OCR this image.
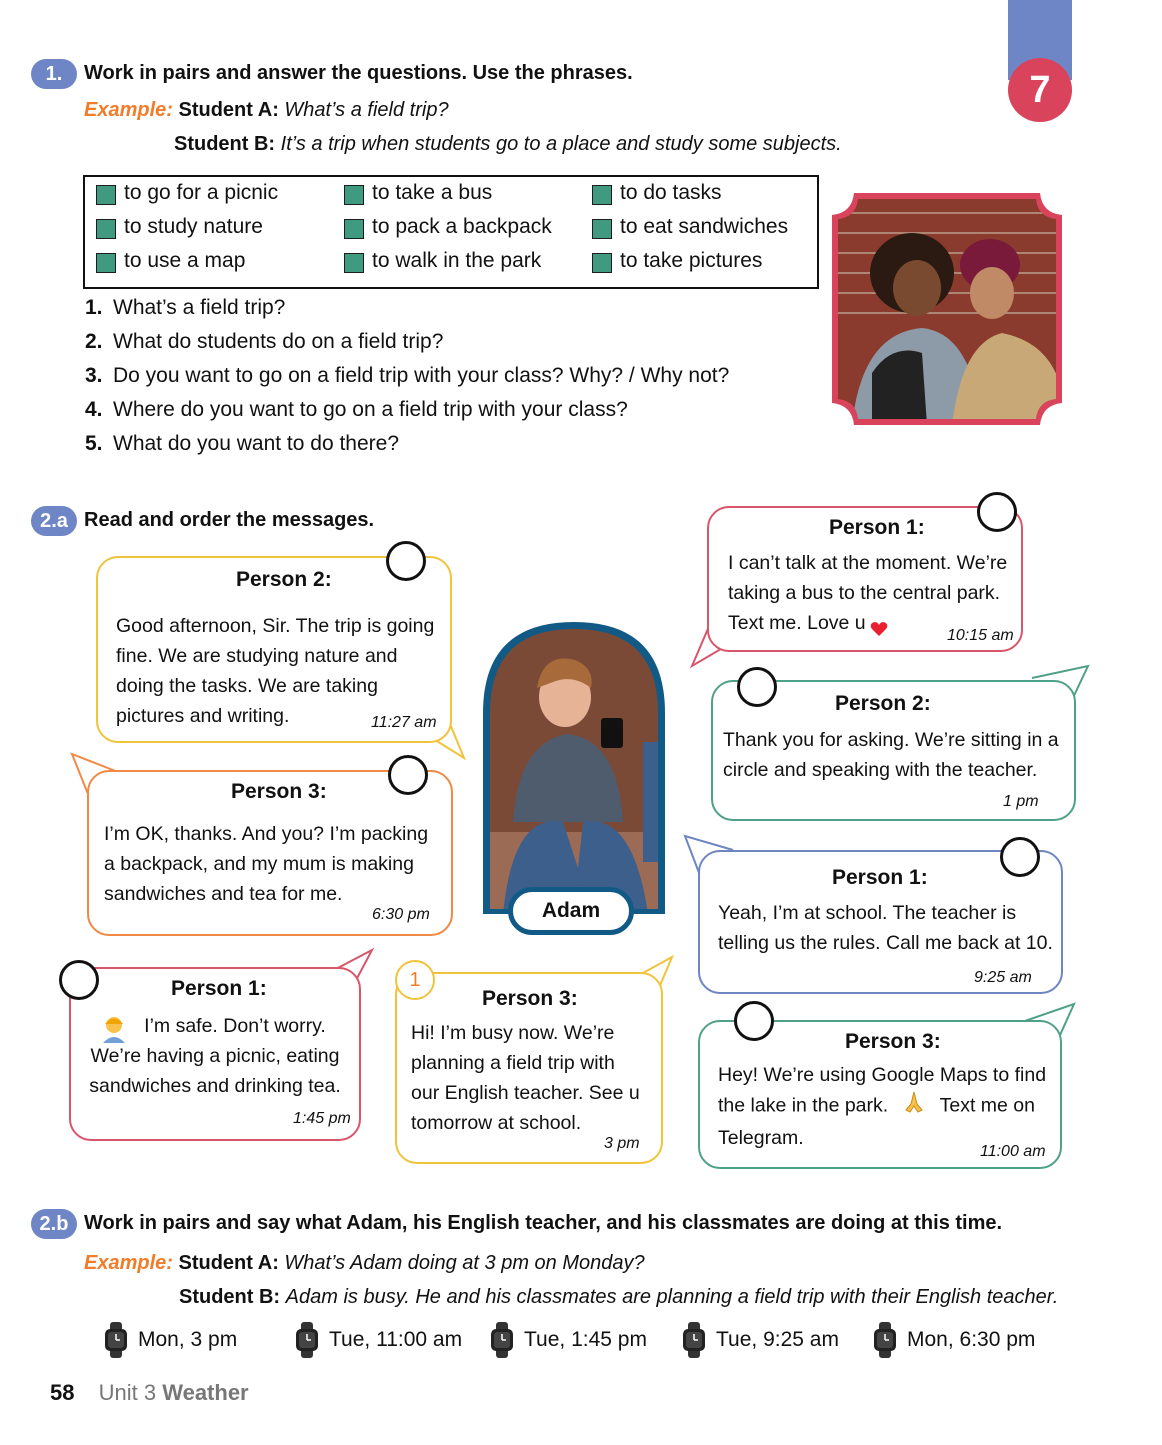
7
1.	Work in pairs and answer the questions. Use the phrases.
Example: Student A: What’s a field trip?
Student B: It’s a trip when students go to a place and study some subjects.
to go for a picnic	to take a bus	to do tasks
to study nature	to pack a backpack	to eat sandwiches
to use a map	to walk in the park	to take pictures
1. What’s a field trip?
2. What do students do on a field trip?
3. Do you want to go on a field trip with your class? Why? / Why not?
4. Where do you want to go on a field trip with your class?
5. What do you want to do there?
2.a Read and order the messages.
Person 2:
Good afternoon, Sir. The trip is going
fine. We are studying nature and
doing the tasks. We are taking
pictures and writing.	11:27 am
Person 3:
I’m OK, thanks. And you? I’m packing
a backpack, and my mum is making
sandwiches and tea for me.
6:30 pm
Person 1:
I’m safe. Don’t worry.
We’re having a picnic, eating
sandwiches and drinking tea.
1:45 pm
Person 3:
Hi! I’m busy now. We’re
planning a field trip with
our English teacher. See u
tomorrow at school.
3 pm
1
Adam
Person 1:
I can’t talk at the moment. We’re
taking a bus to the central park.
Text me. Love u
10:15 am
Person 2:
Thank you for asking. We’re sitting in a
circle and speaking with the teacher.
1 pm
Person 1:
Yeah, I’m at school. The teacher is
telling us the rules. Call me back at 10.
9:25 am
Person 3:
Hey! We’re using Google Maps to find
the lake in the park.	Text me on
Telegram.
11:00 am
2.b Work in pairs and say what Adam, his English teacher, and his classmates are doing at this time.
Example: Student A: What’s Adam doing at 3 pm on Monday?
Student B: Adam is busy. He and his classmates are planning a field trip with their English teacher.
Mon, 3 pm	Tue, 11:00 am	Tue, 1:45 pm	Tue, 9:25 am	Mon, 6:30 pm
58 Unit 3 Weather
